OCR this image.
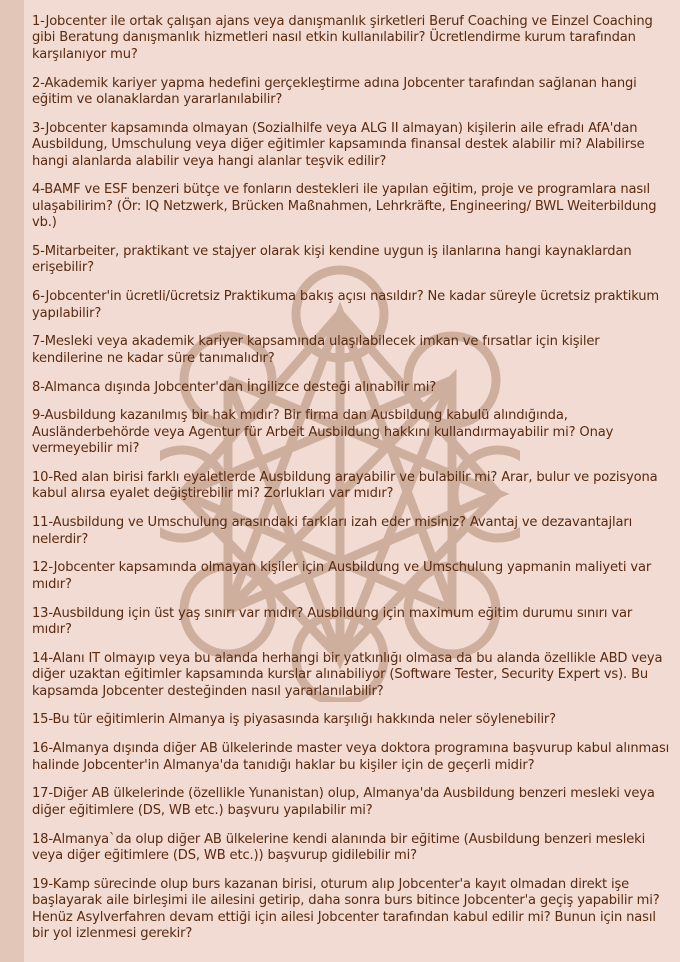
1-Jobcenter ile ortak çalışan ajans veya danışmanlık şirketleri Beruf Coaching ve Einzel Coaching gibi Beratung danışmanlık hizmetleri nasıl etkin kullanılabilir? Ücretlendirme kurum tarafından karşılanıyor mu?
2-Akademik kariyer yapma hedefini gerçekleştirme adına Jobcenter tarafından sağlanan hangi eğitim ve olanaklardan yararlanılabilir?
3-Jobcenter kapsamında olmayan (Sozialhilfe veya ALG II almayan) kişilerin aile efradı AfA'dan Ausbildung, Umschulung veya diğer eğitimler kapsamında finansal destek alabilir mi? Alabilirse hangi alanlarda alabilir veya hangi alanlar teşvik edilir?
4-BAMF ve ESF benzeri bütçe ve fonların destekleri ile yapılan eğitim, proje ve programlara nasıl ulaşabilirim? (Ör: IQ Netzwerk, Brücken Maßnahmen, Lehrkräfte, Engineering/ BWL Weiterbildung vb.)
5-Mitarbeiter, praktikant ve stajyer olarak kişi kendine uygun iş ilanlarına hangi kaynaklardan erişebilir?
6-Jobcenter'in ücretli/ücretsiz Praktikuma bakış açısı nasıldır? Ne kadar süreyle ücretsiz praktikum yapılabilir?
7-Mesleki veya akademik kariyer kapsamında ulaşılabilecek imkan ve fırsatlar için kişiler kendilerine ne kadar süre tanımalıdır?
8-Almanca dışında Jobcenter'dan İngilizce desteği alınabilir mi?
9-Ausbildung kazanılmış bir hak mıdır? Bir firma dan Ausbildung kabulü alındığında, Ausländerbehörde veya Agentur für Arbeit Ausbildung hakkını kullandırmayabilir mi? Onay vermeyebilir mi?
10-Red alan birisi farklı eyaletlerde Ausbildung arayabilir ve bulabilir mi? Arar, bulur ve pozisyona kabul alırsa eyalet değiştirebilir mi? Zorlukları var mıdır?
11-Ausbildung ve Umschulung arasındaki farkları izah eder misiniz? Avantaj ve dezavantajları nelerdir?
12-Jobcenter kapsamında olmayan kişiler için Ausbildung ve Umschulung yapmanin maliyeti var mıdır?
13-Ausbildung için üst yaş sınırı var mıdır? Ausbildung için maximum eğitim durumu sınırı var mıdır?
14-Alanı IT olmayıp veya bu alanda herhangi bir yatkınlığı olmasa da bu alanda özellikle ABD veya diğer uzaktan eğitimler kapsamında kurslar alınabiliyor (Software Tester, Security Expert vs). Bu kapsamda Jobcenter desteğinden nasıl yararlanılabilir?
15-Bu tür eğitimlerin Almanya iş piyasasında karşılığı hakkında neler söylenebilir?
16-Almanya dışında diğer AB ülkelerinde master veya doktora programına başvurup kabul alınması halinde Jobcenter'in Almanya'da tanıdığı haklar bu kişiler için de geçerli midir?
17-Diğer AB ülkelerinde (özellikle Yunanistan) olup, Almanya'da Ausbildung benzeri mesleki veya diğer eğitimlere (DS, WB etc.) başvuru yapılabilir mi?
18-Almanya`da olup diğer AB ülkelerine kendi alanında bir eğitime (Ausbildung benzeri mesleki veya diğer eğitimlere (DS, WB etc.)) başvurup gidilebilir mi?
19-Kamp sürecinde olup burs kazanan birisi, oturum alıp Jobcenter'a kayıt olmadan direkt işe başlayarak aile birleşimi ile ailesini getirip, daha sonra burs bitince Jobcenter'a geçiş yapabilir mi? Henüz Asylverfahren devam ettiği için ailesi Jobcenter tarafından kabul edilir mi? Bunun için nasıl bir yol izlenmesi gerekir?
